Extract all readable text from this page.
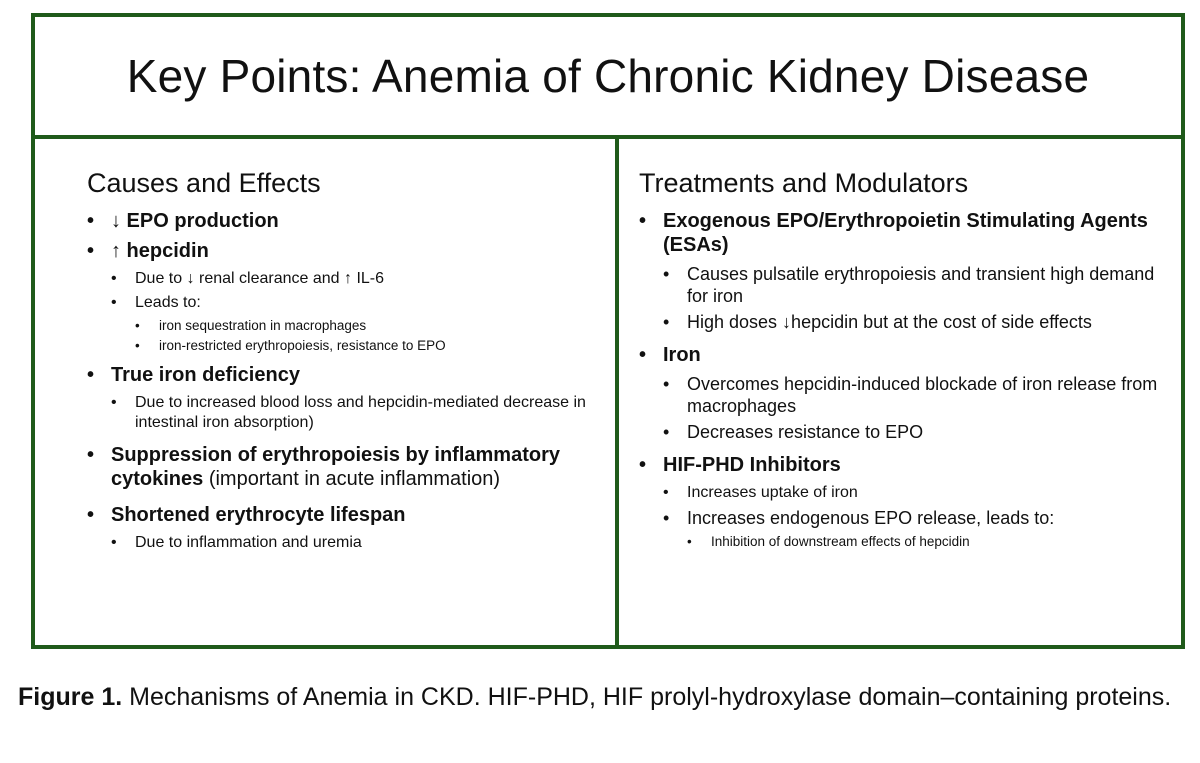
Key Points: Anemia of Chronic Kidney Disease
Causes and Effects
• ↓ EPO production
• ↑ hepcidin
• Due to ↓ renal clearance and ↑ IL-6
• Leads to:
• iron sequestration in macrophages
• iron-restricted erythropoiesis, resistance to EPO
• True iron deficiency
• Due to increased blood loss and hepcidin-mediated decrease in intestinal iron absorption)
• Suppression of erythropoiesis by inflammatory cytokines (important in acute inflammation)
• Shortened erythrocyte lifespan
• Due to inflammation and uremia
Treatments and Modulators
• Exogenous EPO/Erythropoietin Stimulating Agents (ESAs)
• Causes pulsatile erythropoiesis and transient high demand for iron
• High doses ↓hepcidin but at the cost of side effects
• Iron
• Overcomes hepcidin-induced blockade of iron release from macrophages
• Decreases resistance to EPO
• HIF-PHD Inhibitors
• Increases uptake of iron
• Increases endogenous EPO release, leads to:
• Inhibition of downstream effects of hepcidin
Figure 1. Mechanisms of Anemia in CKD. HIF-PHD, HIF prolyl-hydroxylase domain–containing proteins.
